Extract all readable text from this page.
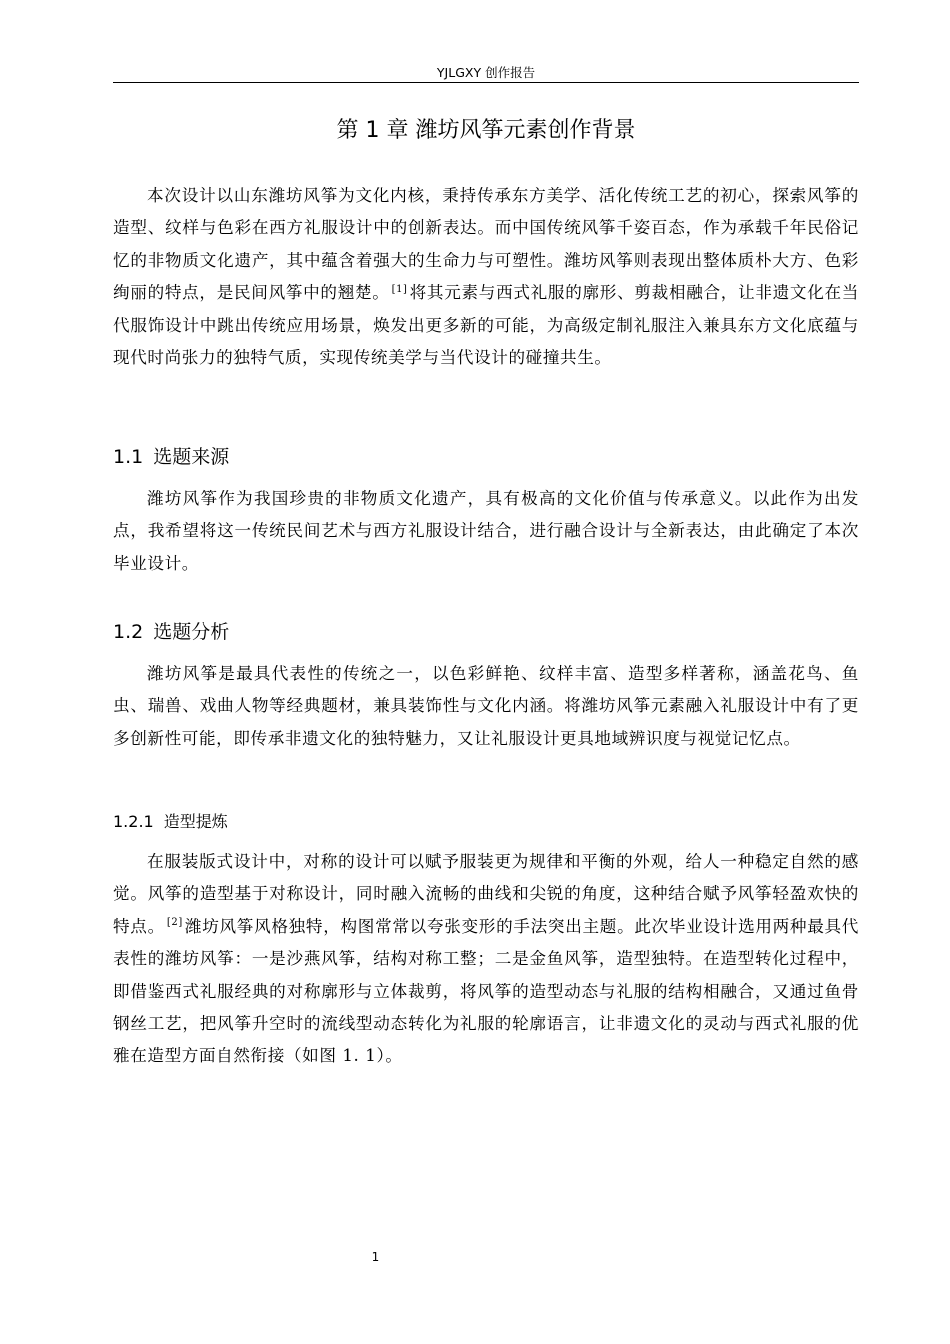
YJLGXY 创作报告
第 1 章 潍坊风筝元素创作背景

本次设计以山东潍坊风筝为文化内核，秉持传承东方美学、活化传统工艺的初心，探索风筝的造型、纹样与色彩在西方礼服设计中的创新表达。而中国传统风筝千姿百态，作为承载千年民俗记忆的非物质文化遗产，其中蕴含着强大的生命力与可塑性。潍坊风筝则表现出整体质朴大方、色彩绚丽的特点，是民间风筝中的翘楚。 [1] 将其元素与西式礼服的廓形、剪裁相融合，让非遗文化在当代服饰设计中跳出传统应用场景，焕发出更多新的可能，为高级定制礼服注入兼具东方文化底蕴与现代时尚张力的独特气质，实现传统美学与当代设计的碰撞共生。

1.1 选题来源

潍坊风筝作为我国珍贵的非物质文化遗产，具有极高的文化价值与传承意义。以此作为出发点，我希望将这一传统民间艺术与西方礼服设计结合，进行融合设计与全新表达，由此确定了本次毕业设计。

1.2 选题分析

潍坊风筝是最具代表性的传统之一，以色彩鲜艳、纹样丰富、造型多样著称，涵盖花鸟、鱼虫、瑞兽、戏曲人物等经典题材，兼具装饰性与文化内涵。将潍坊风筝元素融入礼服设计中有了更多创新性可能，即传承非遗文化的独特魅力，又让礼服设计更具地域辨识度与视觉记忆点。

1.2.1 造型提炼

在服装版式设计中，对称的设计可以赋予服装更为规律和平衡的外观，给人一种稳定自然的感觉。风筝的造型基于对称设计，同时融入流畅的曲线和尖锐的角度，这种结合赋予风筝轻盈欢快的特点。 [2] 潍坊风筝风格独特，构图常常以夸张变形的手法突出主题。此次毕业设计选用两种最具代表性的潍坊风筝：一是沙燕风筝，结构对称工整；二是金鱼风筝，造型独特。在造型转化过程中，即借鉴西式礼服经典的对称廓形与立体裁剪，将风筝的造型动态与礼服的结构相融合，又通过鱼骨钢丝工艺，把风筝升空时的流线型动态转化为礼服的轮廓语言，让非遗文化的灵动与西式礼服的优雅在造型方面自然衔接（如图 1. 1）。

1
